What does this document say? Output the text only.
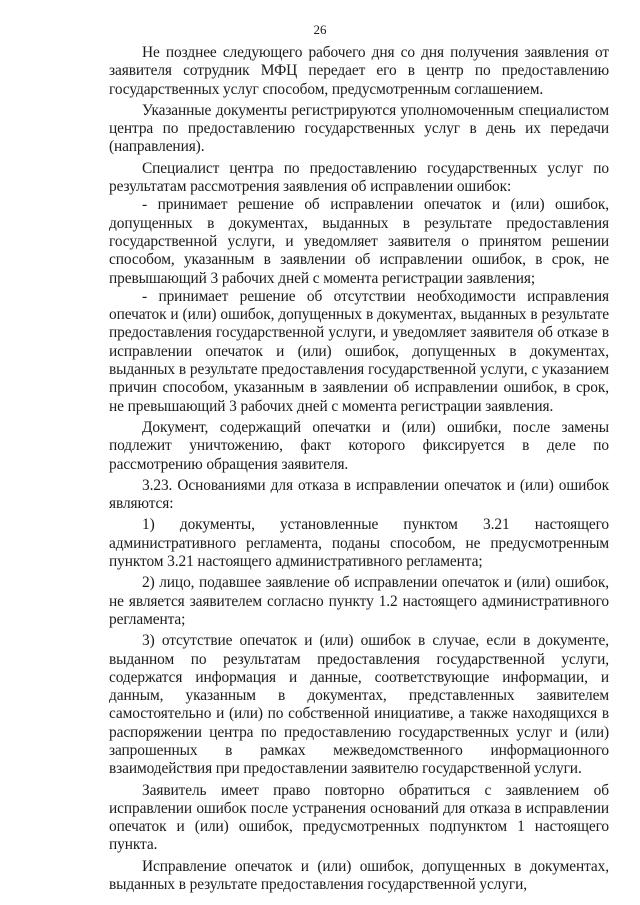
26

Не позднее следующего рабочего дня со дня получения заявления от заявителя сотрудник МФЦ передает его в центр по предоставлению государственных услуг способом, предусмотренным соглашением.

Указанные документы регистрируются уполномоченным специалистом центра по предоставлению государственных услуг в день их передачи (направления).

Специалист центра по предоставлению государственных услуг по результатам рассмотрения заявления об исправлении ошибок:

- принимает решение об исправлении опечаток и (или) ошибок, допущенных в документах, выданных в результате предоставления государственной услуги, и уведомляет заявителя о принятом решении способом, указанным в заявлении об исправлении ошибок, в срок, не превышающий 3 рабочих дней с момента регистрации заявления;

- принимает решение об отсутствии необходимости исправления опечаток и (или) ошибок, допущенных в документах, выданных в результате предоставления государственной услуги, и уведомляет заявителя об отказе в исправлении опечаток и (или) ошибок, допущенных в документах, выданных в результате предоставления государственной услуги, с указанием причин способом, указанным в заявлении об исправлении ошибок, в срок, не превышающий 3 рабочих дней с момента регистрации заявления.

Документ, содержащий опечатки и (или) ошибки, после замены подлежит уничтожению, факт которого фиксируется в деле по рассмотрению обращения заявителя.

3.23. Основаниями для отказа в исправлении опечаток и (или) ошибок являются:

1) документы, установленные пунктом 3.21 настоящего административного регламента, поданы способом, не предусмотренным пунктом 3.21 настоящего административного регламента;

2) лицо, подавшее заявление об исправлении опечаток и (или) ошибок, не является заявителем согласно пункту 1.2 настоящего административного регламента;

3) отсутствие опечаток и (или) ошибок в случае, если в документе, выданном по результатам предоставления государственной услуги, содержатся информация и данные, соответствующие информации, и данным, указанным в документах, представленных заявителем самостоятельно и (или) по собственной инициативе, а также находящихся в распоряжении центра по предоставлению государственных услуг и (или) запрошенных в рамках межведомственного информационного взаимодействия при предоставлении заявителю государственной услуги.

Заявитель имеет право повторно обратиться с заявлением об исправлении ошибок после устранения оснований для отказа в исправлении опечаток и (или) ошибок, предусмотренных подпунктом 1 настоящего пункта.

Исправление опечаток и (или) ошибок, допущенных в документах, выданных в результате предоставления государственной услуги,
